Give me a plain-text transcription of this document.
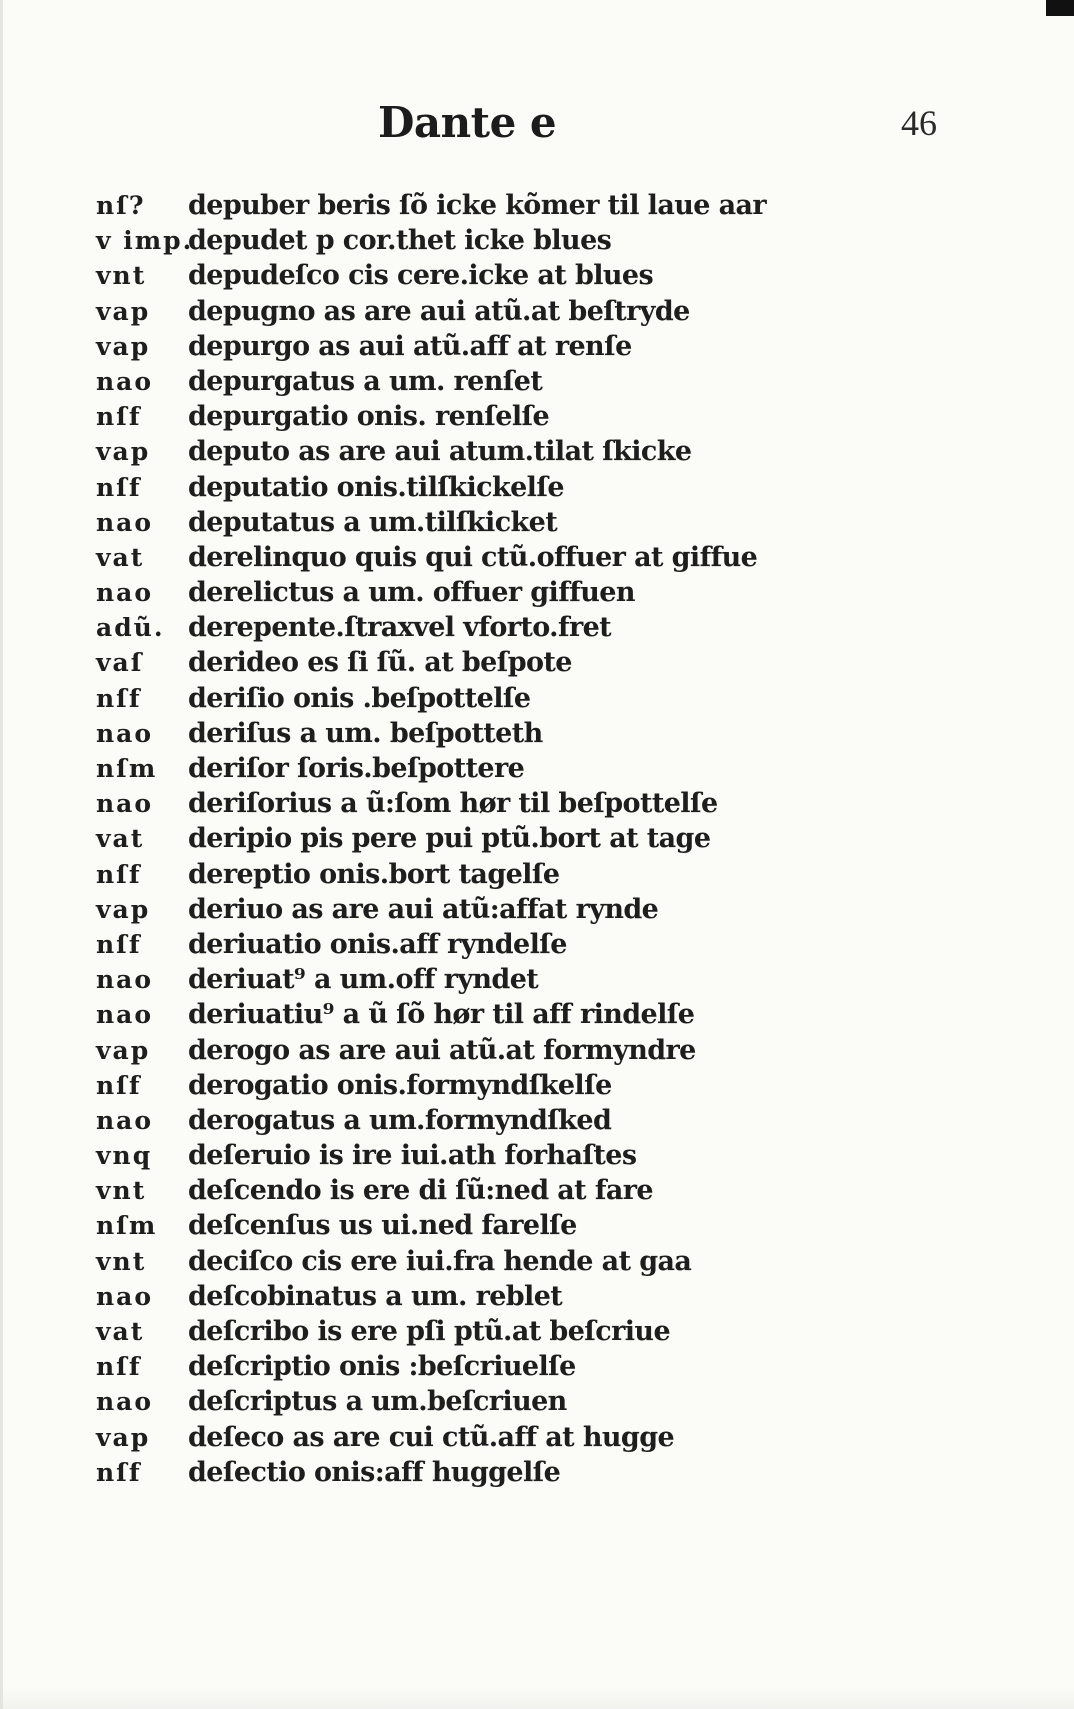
Dante e	46
nſ? depuber beris ſõ icke kõmer til laue aar
v imp.depudet p cor.thet icke blues
vnt depudeſco cis cere.icke at blues
vap depugno as are aui atũ.at beſtryde
vap depurgo as aui atũ.aff at renſe
nao depurgatus a um. renſet
nſf depurgatio onis. renſelſe
vap deputo as are aui atum.tilat ſkicke
nſf deputatio onis.tilſkickelſe
nao deputatus a um.tilſkicket
vat derelinquo quis qui ctũ.offuer at giffue
nao derelictus a um. offuer giffuen
adũ. derepente.ſtraxvel vforto.fret
vaſ derideo es ſi ſũ. at beſpote
nſf deriſio onis .beſpottelſe
nao deriſus a um. beſpotteth
nſm deriſor ſoris.beſpottere
nao deriſorius a ũ:ſom hør til beſpottelſe
vat deripio pis pere pui ptũ.bort at tage
nſf dereptio onis.bort tagelſe
vap deriuo as are aui atũ:affat rynde
nſf deriuatio onis.aff ryndelſe
nao deriuat⁹ a um.off ryndet
nao deriuatiu⁹ a ũ ſõ hør til aff rindelſe
vap derogo as are aui atũ.at formyndre
nſf derogatio onis.formyndſkelſe
nao derogatus a um.formyndſked
vnq deſeruio is ire iui.ath forhaſtes
vnt deſcendo is ere di ſũ:ned at fare
nſm deſcenſus us ui.ned farelſe
vnt deciſco cis ere iui.fra hende at gaa
nao deſcobinatus a um. reblet
vat deſcribo is ere pſi ptũ.at beſcriue
nſf deſcriptio onis :beſcriuelſe
nao deſcriptus a um.beſcriuen
vap deſeco as are cui ctũ.aff at hugge
nſf deſectio onis:aff huggelſe
